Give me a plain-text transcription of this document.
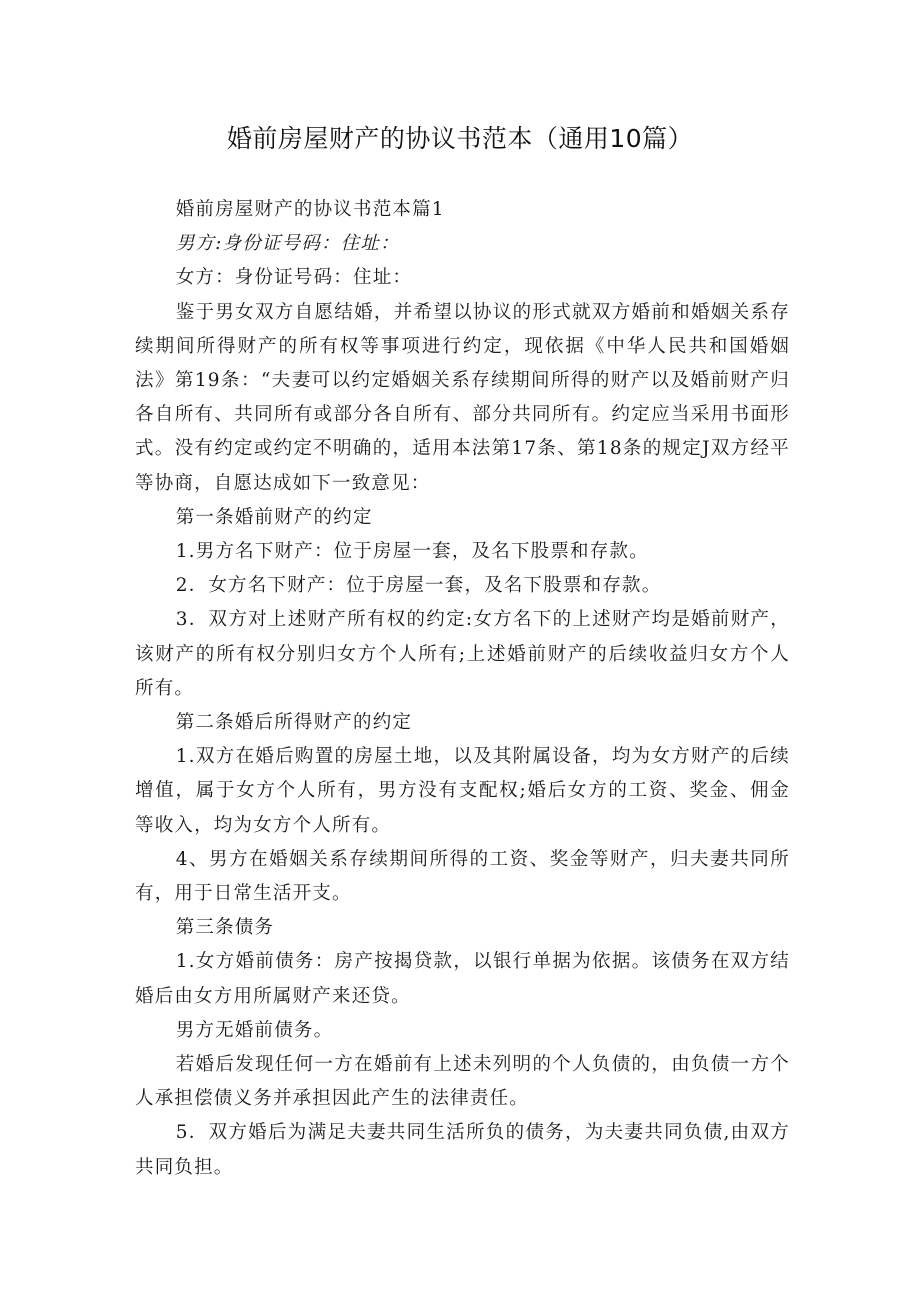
婚前房屋财产的协议书范本（通用10篇）

婚前房屋财产的协议书范本篇1

男方:身份证号码：住址：

女方：身份证号码：住址：

鉴于男女双方自愿结婚，并希望以协议的形式就双方婚前和婚姻关系存续期间所得财产的所有权等事项进行约定，现依据《中华人民共和国婚姻法》第19条：“夫妻可以约定婚姻关系存续期间所得的财产以及婚前财产归各自所有、共同所有或部分各自所有、部分共同所有。约定应当采用书面形式。没有约定或约定不明确的，适用本法第17条、第18条的规定J双方经平等协商，自愿达成如下一致意见：

第一条婚前财产的约定

1.男方名下财产：位于房屋一套，及名下股票和存款。

2．女方名下财产：位于房屋一套，及名下股票和存款。

3．双方对上述财产所有权的约定:女方名下的上述财产均是婚前财产，该财产的所有权分别归女方个人所有;上述婚前财产的后续收益归女方个人所有。

第二条婚后所得财产的约定

1.双方在婚后购置的房屋土地，以及其附属设备，均为女方财产的后续增值，属于女方个人所有，男方没有支配权;婚后女方的工资、奖金、佣金等收入，均为女方个人所有。

4、男方在婚姻关系存续期间所得的工资、奖金等财产，归夫妻共同所有，用于日常生活开支。

第三条债务

1.女方婚前债务：房产按揭贷款，以银行单据为依据。该债务在双方结婚后由女方用所属财产来还贷。

男方无婚前债务。

若婚后发现任何一方在婚前有上述未列明的个人负债的，由负债一方个人承担偿债义务并承担因此产生的法律责任。

5．双方婚后为满足夫妻共同生活所负的债务，为夫妻共同负债,由双方共同负担。
